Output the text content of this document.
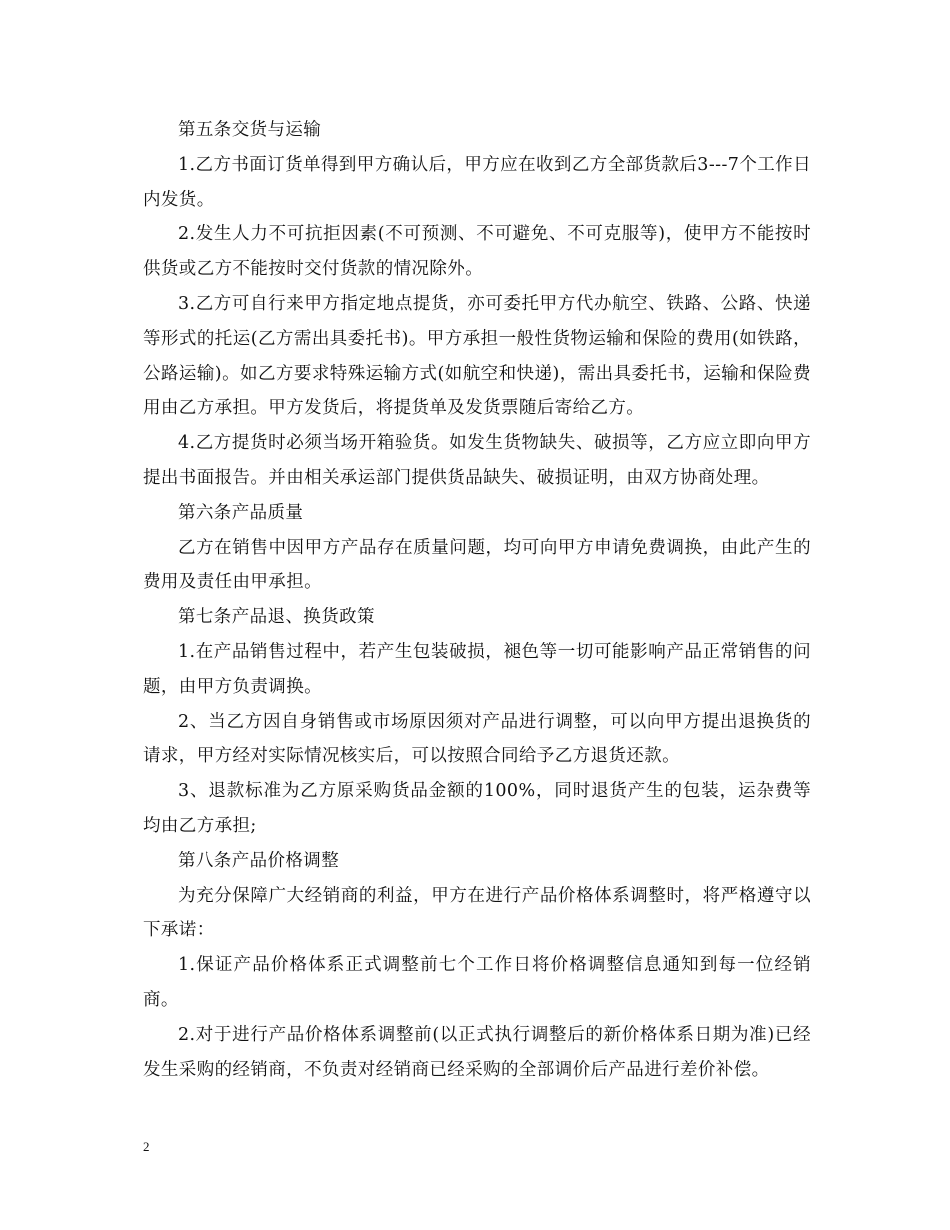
第五条交货与运输

1.乙方书面订货单得到甲方确认后，甲方应在收到乙方全部货款后3---7个工作日内发货。

2.发生人力不可抗拒因素(不可预测、不可避免、不可克服等)，使甲方不能按时供货或乙方不能按时交付货款的情况除外。

3.乙方可自行来甲方指定地点提货，亦可委托甲方代办航空、铁路、公路、快递等形式的托运(乙方需出具委托书)。甲方承担一般性货物运输和保险的费用(如铁路，公路运输)。如乙方要求特殊运输方式(如航空和快递)，需出具委托书，运输和保险费用由乙方承担。甲方发货后，将提货单及发货票随后寄给乙方。

4.乙方提货时必须当场开箱验货。如发生货物缺失、破损等，乙方应立即向甲方提出书面报告。并由相关承运部门提供货品缺失、破损证明，由双方协商处理。

第六条产品质量

乙方在销售中因甲方产品存在质量问题，均可向甲方申请免费调换，由此产生的费用及责任由甲承担。

第七条产品退、换货政策

1.在产品销售过程中，若产生包装破损，褪色等一切可能影响产品正常销售的问题，由甲方负责调换。

2、当乙方因自身销售或市场原因须对产品进行调整，可以向甲方提出退换货的请求，甲方经对实际情况核实后，可以按照合同给予乙方退货还款。

3、退款标准为乙方原采购货品金额的100%，同时退货产生的包装，运杂费等均由乙方承担;

第八条产品价格调整

为充分保障广大经销商的利益，甲方在进行产品价格体系调整时，将严格遵守以下承诺：

1.保证产品价格体系正式调整前七个工作日将价格调整信息通知到每一位经销商。

2.对于进行产品价格体系调整前(以正式执行调整后的新价格体系日期为准)已经发生采购的经销商，不负责对经销商已经采购的全部调价后产品进行差价补偿。

2
